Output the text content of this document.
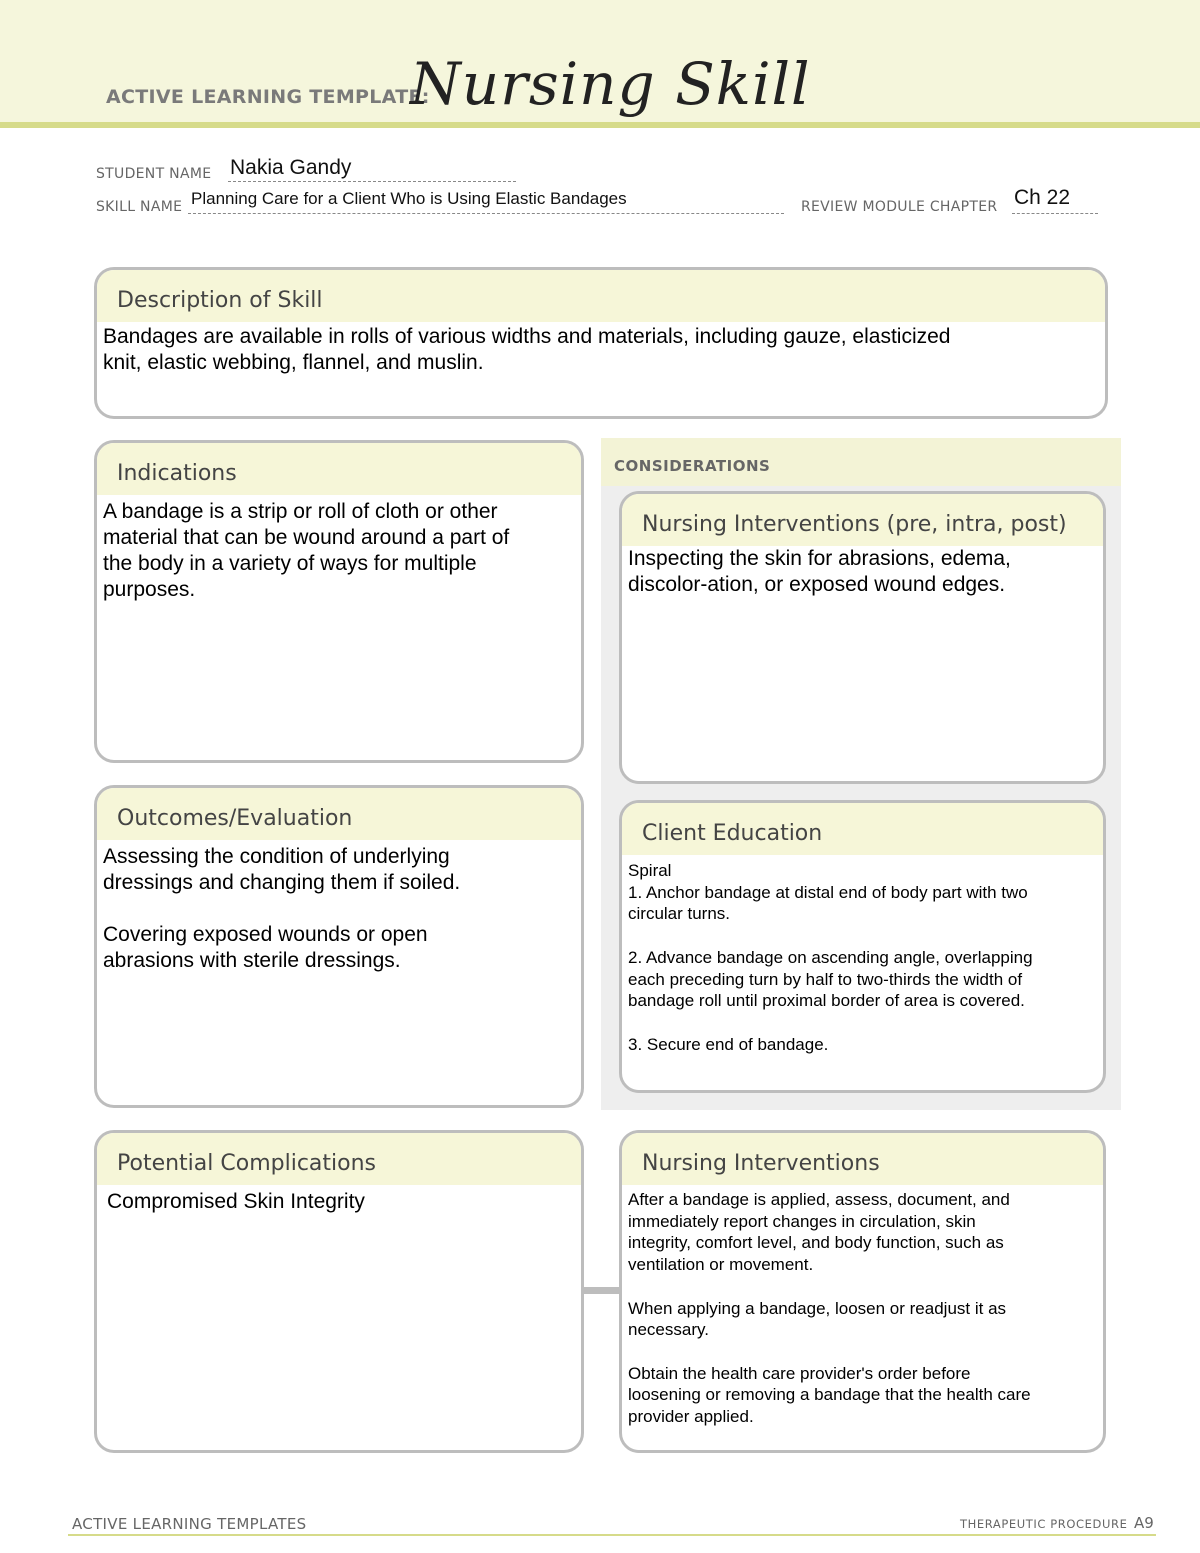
ACTIVE LEARNING TEMPLATE:
Nursing Skill
STUDENT NAME Nakia Gandy
SKILL NAME Planning Care for a Client Who is Using Elastic Bandages	REVIEW MODULE CHAPTER Ch 22
Description of Skill
Bandages are available in rolls of various widths and materials, including gauze, elasticized
knit, elastic webbing, flannel, and muslin.
CONSIDERATIONS
Indications
A bandage is a strip or roll of cloth or other
material that can be wound around a part of
the body in a variety of ways for multiple
purposes.
Nursing Interventions (pre, intra, post)
Inspecting the skin for abrasions, edema,
discolor-ation, or exposed wound edges.
Outcomes/Evaluation
Assessing the condition of underlying
dressings and changing them if soiled.

Covering exposed wounds or open
abrasions with sterile dressings.
Client Education
Spiral
1. Anchor bandage at distal end of body part with two
circular turns.

2. Advance bandage on ascending angle, overlapping
each preceding turn by half to two-thirds the width of
bandage roll until proximal border of area is covered.

3. Secure end of bandage.
Potential Complications
Compromised Skin Integrity
Nursing Interventions
After a bandage is applied, assess, document, and
immediately report changes in circulation, skin
integrity, comfort level, and body function, such as
ventilation or movement.

When applying a bandage, loosen or readjust it as
necessary.

Obtain the health care provider's order before
loosening or removing a bandage that the health care
provider applied.
ACTIVE LEARNING TEMPLATES	THERAPEUTIC PROCEDURE A9
